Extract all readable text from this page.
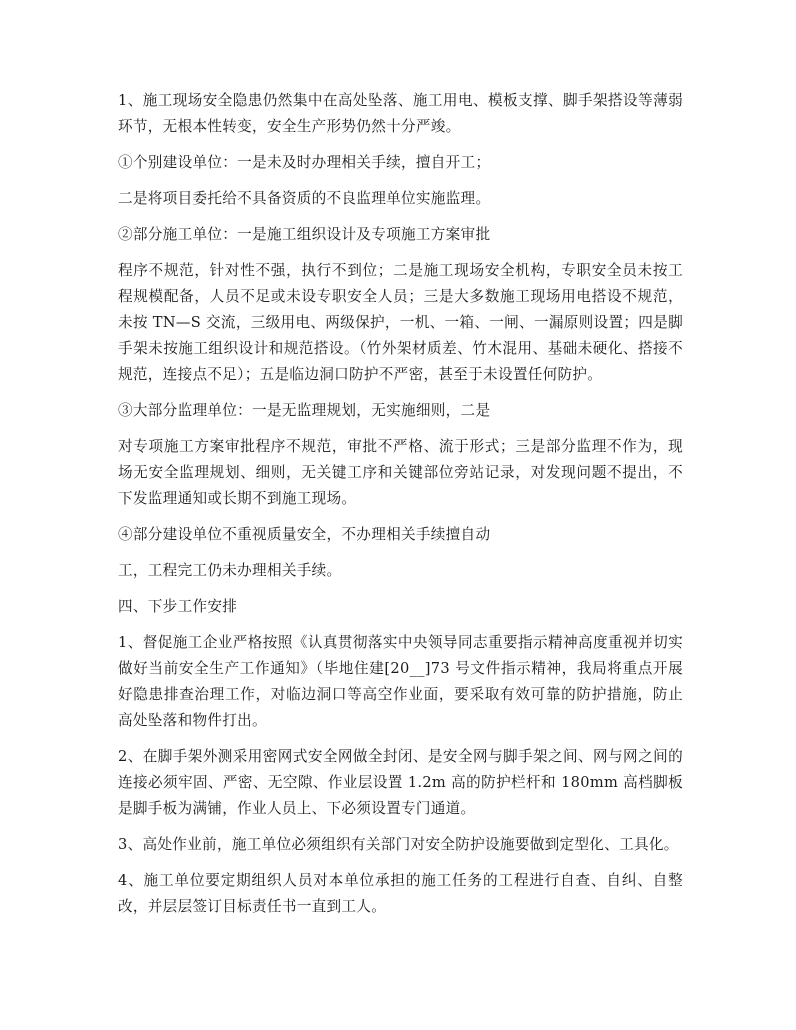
1、施工现场安全隐患仍然集中在高处坠落、施工用电、模板支撑、脚手架搭设等薄弱环节，无根本性转变，安全生产形势仍然十分严竣。

①个别建设单位：一是未及时办理相关手续，擅自开工；

二是将项目委托给不具备资质的不良监理单位实施监理。

②部分施工单位：一是施工组织设计及专项施工方案审批

程序不规范，针对性不强，执行不到位；二是施工现场安全机构，专职安全员未按工程规模配备，人员不足或未设专职安全人员；三是大多数施工现场用电搭设不规范，未按 TN—S 交流，三级用电、两级保护，一机、一箱、一闸、一漏原则设置；四是脚手架未按施工组织设计和规范搭设。（竹外架材质差、竹木混用、基础未硬化、搭接不规范，连接点不足）；五是临边洞口防护不严密，甚至于未设置任何防护。

③大部分监理单位：一是无监理规划，无实施细则，二是

对专项施工方案审批程序不规范，审批不严格、流于形式；三是部分监理不作为，现场无安全监理规划、细则，无关键工序和关键部位旁站记录，对发现问题不提出，不下发监理通知或长期不到施工现场。

④部分建设单位不重视质量安全，不办理相关手续擅自动

工，工程完工仍未办理相关手续。

四、下步工作安排

1、督促施工企业严格按照《认真贯彻落实中央领导同志重要指示精神高度重视并切实做好当前安全生产工作通知》（毕地住建[20__]73 号文件指示精神，我局将重点开展好隐患排查治理工作，对临边洞口等高空作业面，要采取有效可靠的防护措施，防止高处坠落和物件打出。

2、在脚手架外测采用密网式安全网做全封闭、是安全网与脚手架之间、网与网之间的连接必须牢固、严密、无空隙、作业层设置 1.2m 高的防护栏杆和 180mm 高档脚板是脚手板为满铺，作业人员上、下必须设置专门通道。

3、高处作业前，施工单位必须组织有关部门对安全防护设施要做到定型化、工具化。

4、施工单位要定期组织人员对本单位承担的施工任务的工程进行自查、自纠、自整改，并层层签订目标责任书一直到工人。
